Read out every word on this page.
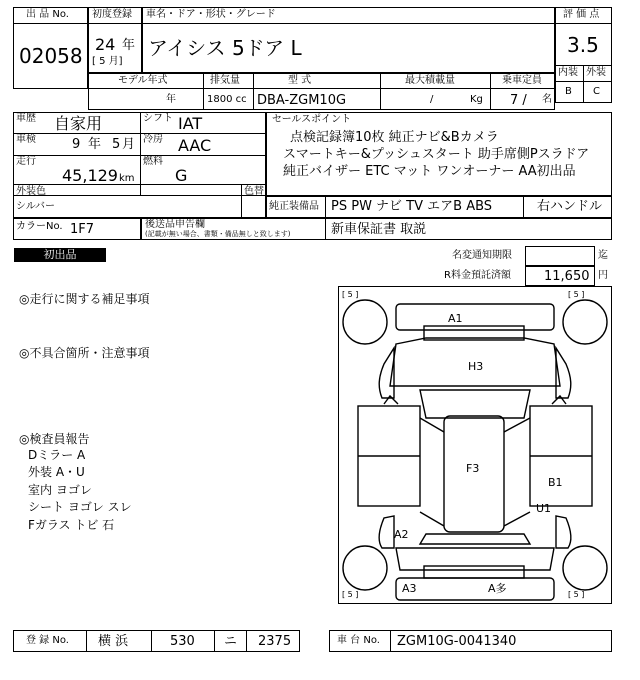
出 品 No.
02058
初度登録
24 年
[ 5 月]
車名・ドア・形状・グレード
アイシス 5ドア L
評 価 点
3.5
内装 外装
B C
モデル年式
年
排気量
1800 cc
型 式
DBA-ZGM10G
最大積載量
/	Kg
乗車定員
7 / 名
車歴 自家用	シフト IAT
車検	9 年 5 月 冷房 AAC
走行
45,129 km
燃料
G
セールスポイント
点検記録簿10枚 純正ナビ&Bカメラ
スマートキー&プッシュスタート 助手席側Pスラドア
純正バイザー ETC マット ワンオーナー AA初出品
外装色
シルバー
色替
純正装備品 PS PW ナビ TV エアB ABS	右ハンドル
カラーNo. 1F7	後送品申告欄
(記載が無い場合、書類・備品無しと致します)	新車保証書 取説
初出品	名変通知期限	迄
R料金預託済額	11,650 円
◎走行に関する補足事項
◎不具合箇所・注意事項
◎検査員報告
Dミラー A
外装 A・U
室内 ヨゴレ
シート ヨゴレ スレ
Fガラス トビ 石
[ 5 ]	[ 5 ]
[ 5 ]	[ 5 ]
A1
H3
F3
B1
U1
A2
A3	A多
登 録 No. 横 浜	530 ニ 2375	車 台 No. ZGM10G-0041340
